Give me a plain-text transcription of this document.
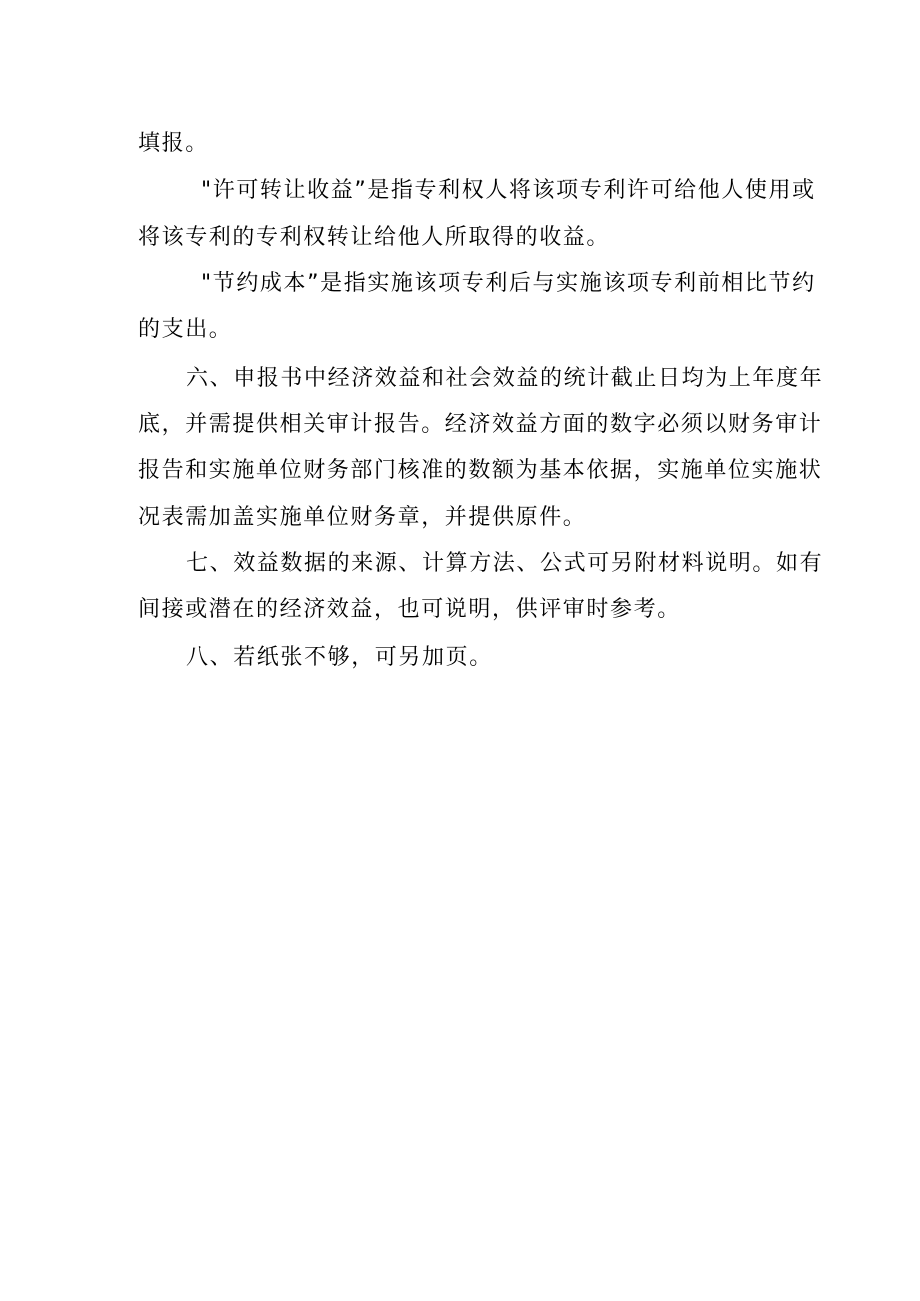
填报。
"许可转让收益”是指专利权人将该项专利许可给他人使用或
将该专利的专利权转让给他人所取得的收益。
"节约成本”是指实施该项专利后与实施该项专利前相比节约
的支出。
六、申报书中经济效益和社会效益的统计截止日均为上年度年
底，并需提供相关审计报告。经济效益方面的数字必须以财务审计
报告和实施单位财务部门核准的数额为基本依据，实施单位实施状
况表需加盖实施单位财务章，并提供原件。
七、效益数据的来源、计算方法、公式可另附材料说明。如有
间接或潜在的经济效益，也可说明，供评审时参考。
八、若纸张不够，可另加页。
